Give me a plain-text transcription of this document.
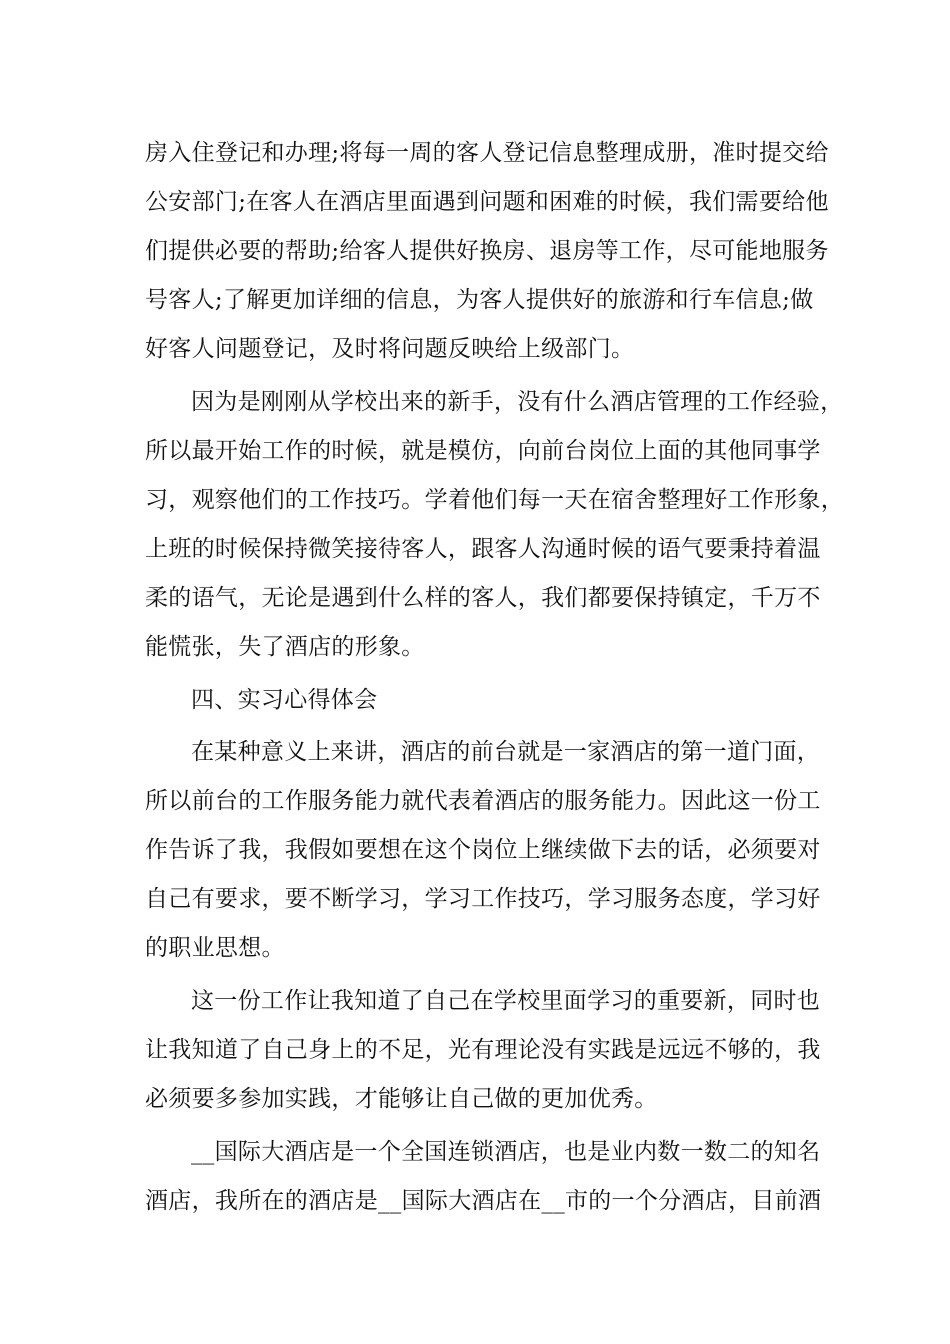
房入住登记和办理;将每一周的客人登记信息整理成册，准时提交给
公安部门;在客人在酒店里面遇到问题和困难的时候，我们需要给他
们提供必要的帮助;给客人提供好换房、退房等工作，尽可能地服务
号客人;了解更加详细的信息，为客人提供好的旅游和行车信息;做
好客人问题登记，及时将问题反映给上级部门。
因为是刚刚从学校出来的新手，没有什么酒店管理的工作经验，
所以最开始工作的时候，就是模仿，向前台岗位上面的其他同事学
习，观察他们的工作技巧。学着他们每一天在宿舍整理好工作形象，
上班的时候保持微笑接待客人，跟客人沟通时候的语气要秉持着温
柔的语气，无论是遇到什么样的客人，我们都要保持镇定，千万不
能慌张，失了酒店的形象。
四、实习心得体会
在某种意义上来讲，酒店的前台就是一家酒店的第一道门面，
所以前台的工作服务能力就代表着酒店的服务能力。因此这一份工
作告诉了我，我假如要想在这个岗位上继续做下去的话，必须要对
自己有要求，要不断学习，学习工作技巧，学习服务态度，学习好
的职业思想。
这一份工作让我知道了自己在学校里面学习的重要新，同时也
让我知道了自己身上的不足，光有理论没有实践是远远不够的，我
必须要多参加实践，才能够让自己做的更加优秀。
__国际大酒店是一个全国连锁酒店，也是业内数一数二的知名
酒店，我所在的酒店是__国际大酒店在__市的一个分酒店，目前酒
